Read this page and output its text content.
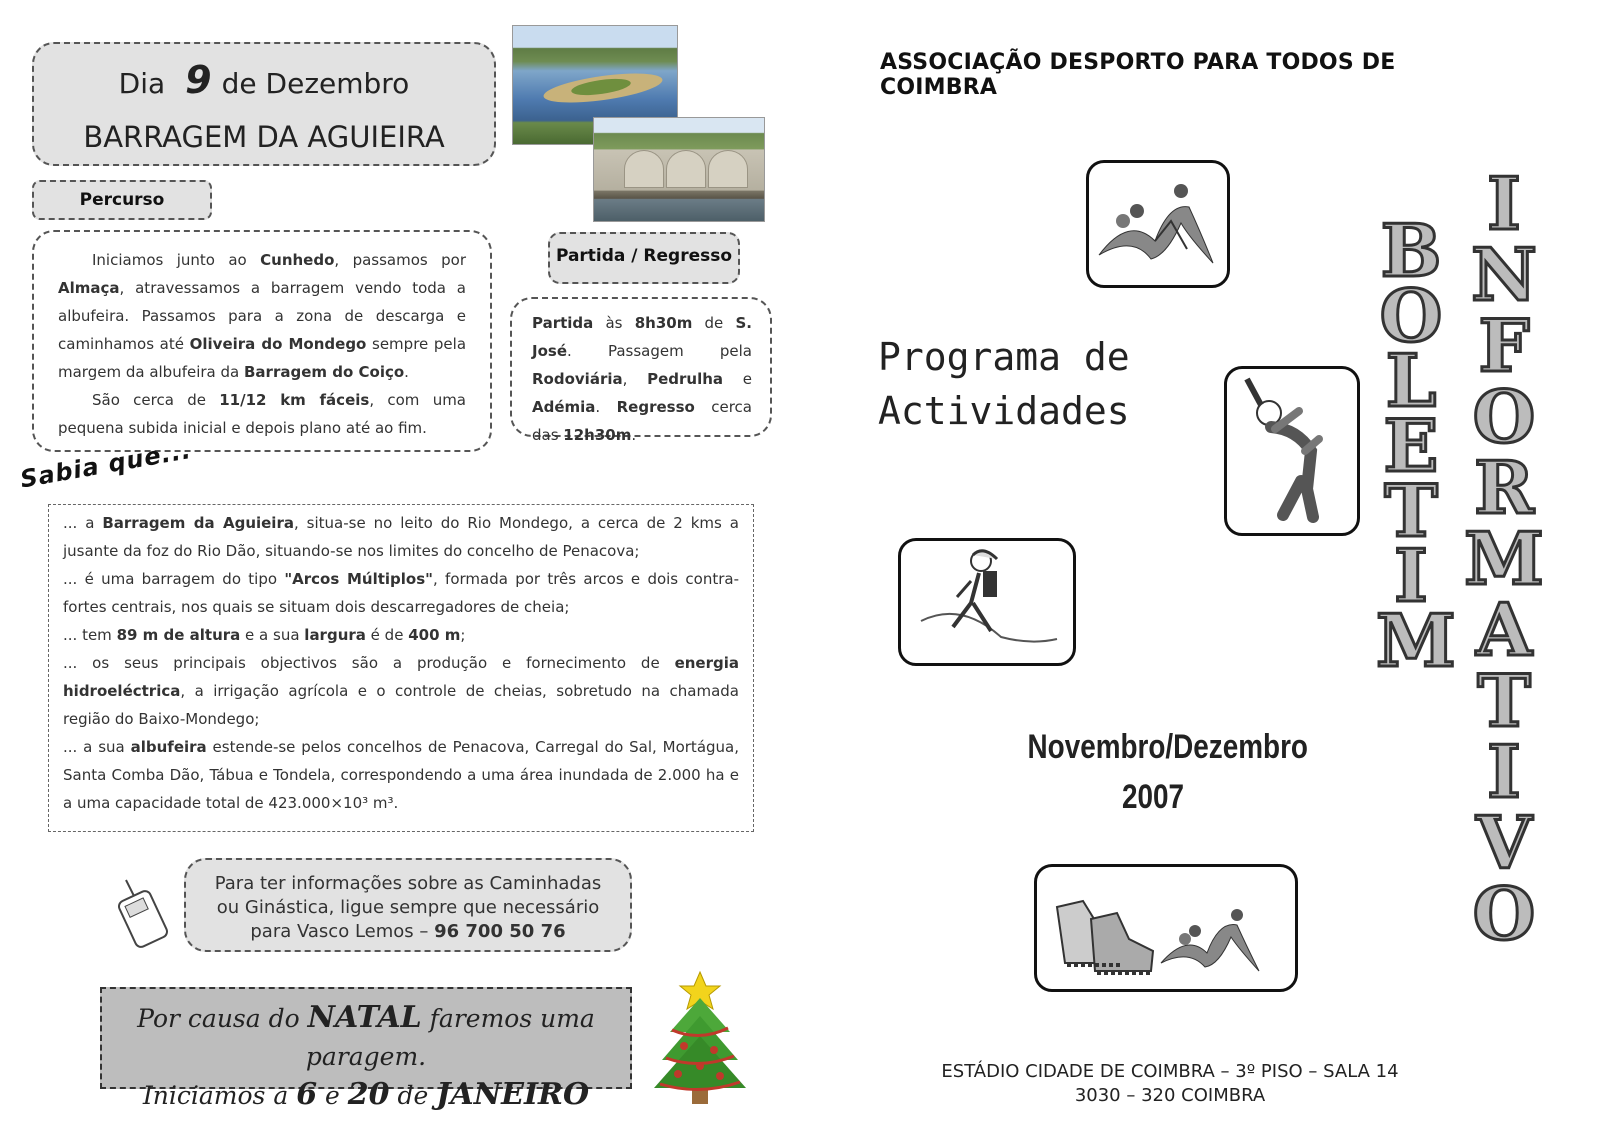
Dia 9 de Dezembro
BARRAGEM DA AGUIEIRA
Percurso

Iniciamos junto ao Cunhedo, passamos por Almaça, atravessamos a barragem vendo toda a albufeira. Passamos para a zona de descarga e caminhamos até Oliveira do Mondego sempre pela margem da albufeira da Barragem do Coiço.

São cerca de 11/12 km fáceis, com uma pequena subida inicial e depois plano até ao fim.

Partida / Regresso

Partida às 8h30m de S. José. Passagem pela Rodoviária, Pedrulha e Adémia. Regresso cerca das 12h30m.

Sabia que...

... a Barragem da Aguieira, situa-se no leito do Rio Mondego, a cerca de 2 kms a jusante da foz do Rio Dão, situando-se nos limites do concelho de Penacova;

... é uma barragem do tipo "Arcos Múltiplos", formada por três arcos e dois contra-fortes centrais, nos quais se situam dois descarregadores de cheia;

... tem 89 m de altura e a sua largura é de 400 m;

... os seus principais objectivos são a produção e fornecimento de energia hidroeléctrica, a irrigação agrícola e o controle de cheias, sobretudo na chamada região do Baixo-Mondego;

... a sua albufeira estende-se pelos concelhos de Penacova, Carregal do Sal, Mortágua, Santa Comba Dão, Tábua e Tondela, correspondendo a uma área inundada de 2.000 ha e a uma capacidade total de 423.000×10³ m³.

Para ter informações sobre as Caminhadas
ou Ginástica, ligue sempre que necessário
para Vasco Lemos – 96 700 50 76
Por causa do NATAL faremos uma paragem.
Iniciamos a 6 e 20 de JANEIRO
ASSOCIAÇÃO DESPORTO PARA TODOS DE COIMBRA
Programa de
Actividades
Novembro/Dezembro
2007
B
O
L
E
T
I
M
I
N
F
O
R
M
A
T
I
V
O
ESTÁDIO CIDADE DE COIMBRA – 3º PISO – SALA 14
3030 – 320 COIMBRA
